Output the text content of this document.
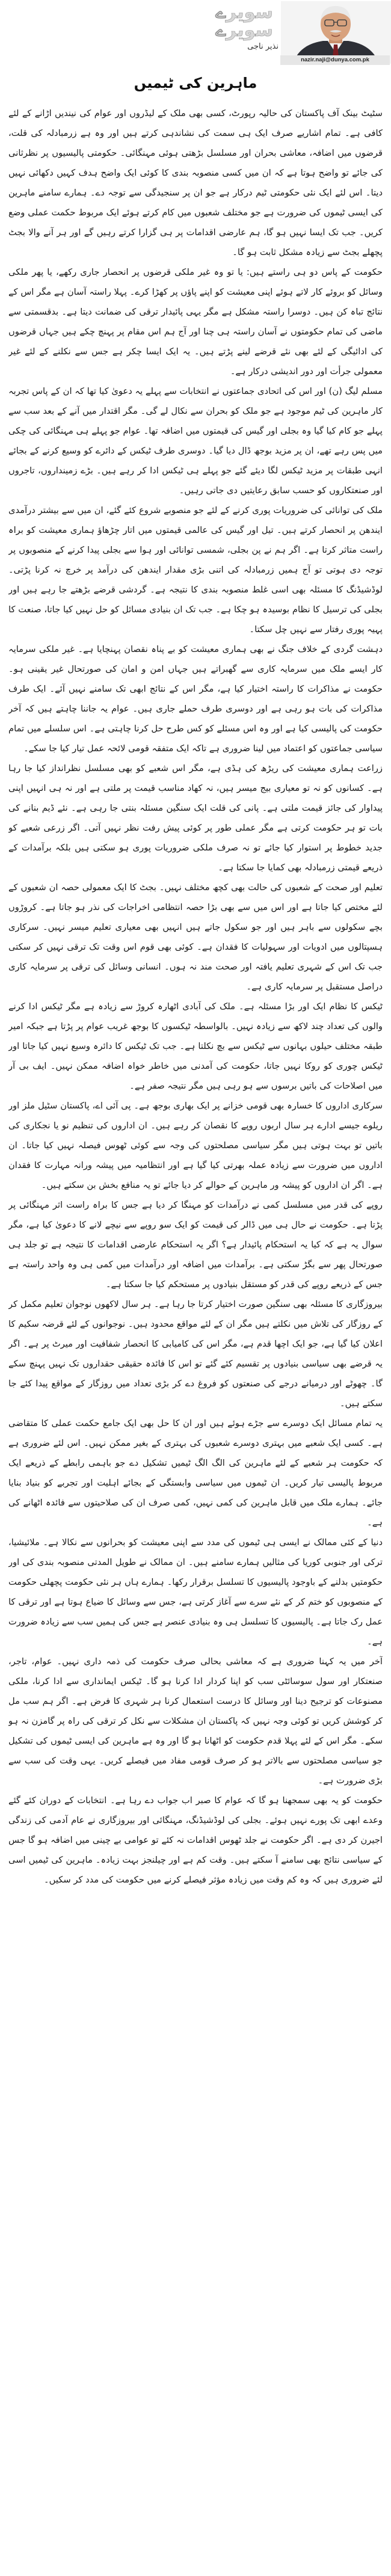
سویرے
سویرے
نذیر ناجی
nazir.naji@dunya.com.pk
ماہرین کی ٹیمیں

سٹیٹ بینک آف پاکستان کی حالیہ رپورٹ، کسی بھی ملک کے لیڈروں اور عوام کی نیندیں اڑانے کے لئے کافی ہے۔ تمام اشاریے صرف ایک ہی سمت کی نشاندہی کرتے ہیں اور وہ ہے زرمبادلہ کی قلت، قرضوں میں اضافہ، معاشی بحران اور مسلسل بڑھتی ہوئی مہنگائی۔ حکومتی پالیسیوں پر نظرثانی کی جائے تو واضح ہوتا ہے کہ ان میں کسی منصوبہ بندی کا کوئی ایک واضح ہدف کہیں دکھائی نہیں دیتا۔ اس لئے ایک نئی حکومتی ٹیم درکار ہے جو ان پر سنجیدگی سے توجہ دے۔ ہمارے سامنے ماہرین کی ایسی ٹیموں کی ضرورت ہے جو مختلف شعبوں میں کام کرتے ہوئے ایک مربوط حکمت عملی وضع کریں۔ جب تک ایسا نہیں ہو گا، ہم عارضی اقدامات پر ہی گزارا کرتے رہیں گے اور ہر آنے والا بجٹ پچھلے بجٹ سے زیادہ مشکل ثابت ہو گا۔

حکومت کے پاس دو ہی راستے ہیں: یا تو وہ غیر ملکی قرضوں پر انحصار جاری رکھے، یا پھر ملکی وسائل کو بروئے کار لاتے ہوئے اپنی معیشت کو اپنے پاؤں پر کھڑا کرے۔ پہلا راستہ آسان ہے مگر اس کے نتائج تباہ کن ہیں۔ دوسرا راستہ مشکل ہے مگر یہی پائیدار ترقی کی ضمانت دیتا ہے۔ بدقسمتی سے ماضی کی تمام حکومتوں نے آسان راستہ ہی چنا اور آج ہم اس مقام پر پہنچ چکے ہیں جہاں قرضوں کی ادائیگی کے لئے بھی نئے قرضے لینے پڑتے ہیں۔ یہ ایک ایسا چکر ہے جس سے نکلنے کے لئے غیر معمولی جرأت اور دور اندیشی درکار ہے۔

مسلم لیگ (ن) اور اس کی اتحادی جماعتوں نے انتخابات سے پہلے یہ دعویٰ کیا تھا کہ ان کے پاس تجربہ کار ماہرین کی ٹیم موجود ہے جو ملک کو بحران سے نکال لے گی۔ مگر اقتدار میں آنے کے بعد سب سے پہلے جو کام کیا گیا وہ بجلی اور گیس کی قیمتوں میں اضافہ تھا۔ عوام جو پہلے ہی مہنگائی کی چکی میں پس رہے تھے، ان پر مزید بوجھ ڈال دیا گیا۔ دوسری طرف ٹیکس کے دائرے کو وسیع کرنے کے بجائے انہی طبقات پر مزید ٹیکس لگا دیئے گئے جو پہلے ہی ٹیکس ادا کر رہے ہیں۔ بڑے زمینداروں، تاجروں اور صنعتکاروں کو حسب سابق رعایتیں دی جاتی رہیں۔

ملک کی توانائی کی ضروریات پوری کرنے کے لئے جو منصوبے شروع کئے گئے، ان میں سے بیشتر درآمدی ایندھن پر انحصار کرتے ہیں۔ تیل اور گیس کی عالمی قیمتوں میں اتار چڑھاؤ ہماری معیشت کو براہ راست متاثر کرتا ہے۔ اگر ہم نے پن بجلی، شمسی توانائی اور ہوا سے بجلی پیدا کرنے کے منصوبوں پر توجہ دی ہوتی تو آج ہمیں زرمبادلہ کی اتنی بڑی مقدار ایندھن کی درآمد پر خرچ نہ کرنا پڑتی۔ لوڈشیڈنگ کا مسئلہ بھی اسی غلط منصوبہ بندی کا نتیجہ ہے۔ گردشی قرضے بڑھتے جا رہے ہیں اور بجلی کی ترسیل کا نظام بوسیدہ ہو چکا ہے۔ جب تک ان بنیادی مسائل کو حل نہیں کیا جاتا، صنعت کا پہیہ پوری رفتار سے نہیں چل سکتا۔

دہشت گردی کے خلاف جنگ نے بھی ہماری معیشت کو بے پناہ نقصان پہنچایا ہے۔ غیر ملکی سرمایہ کار ایسے ملک میں سرمایہ کاری سے گھبراتے ہیں جہاں امن و امان کی صورتحال غیر یقینی ہو۔ حکومت نے مذاکرات کا راستہ اختیار کیا ہے، مگر اس کے نتائج ابھی تک سامنے نہیں آئے۔ ایک طرف مذاکرات کی بات ہو رہی ہے اور دوسری طرف حملے جاری ہیں۔ عوام یہ جاننا چاہتے ہیں کہ آخر حکومت کی پالیسی کیا ہے اور وہ اس مسئلے کو کس طرح حل کرنا چاہتی ہے۔ اس سلسلے میں تمام سیاسی جماعتوں کو اعتماد میں لینا ضروری ہے تاکہ ایک متفقہ قومی لائحہ عمل تیار کیا جا سکے۔

زراعت ہماری معیشت کی ریڑھ کی ہڈی ہے، مگر اس شعبے کو بھی مسلسل نظرانداز کیا جا رہا ہے۔ کسانوں کو نہ تو معیاری بیج میسر ہیں، نہ کھاد مناسب قیمت پر ملتی ہے اور نہ ہی انہیں اپنی پیداوار کی جائز قیمت ملتی ہے۔ پانی کی قلت ایک سنگین مسئلہ بنتی جا رہی ہے۔ نئے ڈیم بنانے کی بات تو ہر حکومت کرتی ہے مگر عملی طور پر کوئی پیش رفت نظر نہیں آتی۔ اگر زرعی شعبے کو جدید خطوط پر استوار کیا جائے تو نہ صرف ملکی ضروریات پوری ہو سکتی ہیں بلکہ برآمدات کے ذریعے قیمتی زرمبادلہ بھی کمایا جا سکتا ہے۔

تعلیم اور صحت کے شعبوں کی حالت بھی کچھ مختلف نہیں۔ بجٹ کا ایک معمولی حصہ ان شعبوں کے لئے مختص کیا جاتا ہے اور اس میں سے بھی بڑا حصہ انتظامی اخراجات کی نذر ہو جاتا ہے۔ کروڑوں بچے سکولوں سے باہر ہیں اور جو سکول جاتے ہیں انہیں بھی معیاری تعلیم میسر نہیں۔ سرکاری ہسپتالوں میں ادویات اور سہولیات کا فقدان ہے۔ کوئی بھی قوم اس وقت تک ترقی نہیں کر سکتی جب تک اس کے شہری تعلیم یافتہ اور صحت مند نہ ہوں۔ انسانی وسائل کی ترقی پر سرمایہ کاری دراصل مستقبل پر سرمایہ کاری ہے۔

ٹیکس کا نظام ایک اور بڑا مسئلہ ہے۔ ملک کی آبادی اٹھارہ کروڑ سے زیادہ ہے مگر ٹیکس ادا کرنے والوں کی تعداد چند لاکھ سے زیادہ نہیں۔ بالواسطہ ٹیکسوں کا بوجھ غریب عوام پر پڑتا ہے جبکہ امیر طبقہ مختلف حیلوں بہانوں سے ٹیکس سے بچ نکلتا ہے۔ جب تک ٹیکس کا دائرہ وسیع نہیں کیا جاتا اور ٹیکس چوری کو روکا نہیں جاتا، حکومت کی آمدنی میں خاطر خواہ اضافہ ممکن نہیں۔ ایف بی آر میں اصلاحات کی باتیں برسوں سے ہو رہی ہیں مگر نتیجہ صفر ہے۔

سرکاری اداروں کا خسارہ بھی قومی خزانے پر ایک بھاری بوجھ ہے۔ پی آئی اے، پاکستان سٹیل ملز اور ریلوے جیسے ادارے ہر سال اربوں روپے کا نقصان کر رہے ہیں۔ ان اداروں کی تنظیم نو یا نجکاری کی باتیں تو بہت ہوتی ہیں مگر سیاسی مصلحتوں کی وجہ سے کوئی ٹھوس فیصلہ نہیں کیا جاتا۔ ان اداروں میں ضرورت سے زیادہ عملہ بھرتی کیا گیا ہے اور انتظامیہ میں پیشہ ورانہ مہارت کا فقدان ہے۔ اگر ان اداروں کو پیشہ ور ماہرین کے حوالے کر دیا جائے تو یہ منافع بخش بن سکتے ہیں۔

روپے کی قدر میں مسلسل کمی نے درآمدات کو مہنگا کر دیا ہے جس کا براہ راست اثر مہنگائی پر پڑتا ہے۔ حکومت نے حال ہی میں ڈالر کی قیمت کو ایک سو روپے سے نیچے لانے کا دعویٰ کیا ہے، مگر سوال یہ ہے کہ کیا یہ استحکام پائیدار ہے؟ اگر یہ استحکام عارضی اقدامات کا نتیجہ ہے تو جلد ہی صورتحال پھر سے بگڑ سکتی ہے۔ برآمدات میں اضافہ اور درآمدات میں کمی ہی وہ واحد راستہ ہے جس کے ذریعے روپے کی قدر کو مستقل بنیادوں پر مستحکم کیا جا سکتا ہے۔

بیروزگاری کا مسئلہ بھی سنگین صورت اختیار کرتا جا رہا ہے۔ ہر سال لاکھوں نوجوان تعلیم مکمل کر کے روزگار کی تلاش میں نکلتے ہیں مگر ان کے لئے مواقع محدود ہیں۔ نوجوانوں کے لئے قرضہ سکیم کا اعلان کیا گیا ہے، جو ایک اچھا قدم ہے، مگر اس کی کامیابی کا انحصار شفافیت اور میرٹ پر ہے۔ اگر یہ قرضے بھی سیاسی بنیادوں پر تقسیم کئے گئے تو اس کا فائدہ حقیقی حقداروں تک نہیں پہنچ سکے گا۔ چھوٹے اور درمیانے درجے کی صنعتوں کو فروغ دے کر بڑی تعداد میں روزگار کے مواقع پیدا کئے جا سکتے ہیں۔

یہ تمام مسائل ایک دوسرے سے جڑے ہوئے ہیں اور ان کا حل بھی ایک جامع حکمت عملی کا متقاضی ہے۔ کسی ایک شعبے میں بہتری دوسرے شعبوں کی بہتری کے بغیر ممکن نہیں۔ اس لئے ضروری ہے کہ حکومت ہر شعبے کے لئے ماہرین کی الگ الگ ٹیمیں تشکیل دے جو باہمی رابطے کے ذریعے ایک مربوط پالیسی تیار کریں۔ ان ٹیموں میں سیاسی وابستگی کے بجائے اہلیت اور تجربے کو بنیاد بنایا جائے۔ ہمارے ملک میں قابل ماہرین کی کمی نہیں، کمی صرف ان کی صلاحیتوں سے فائدہ اٹھانے کی ہے۔

دنیا کے کئی ممالک نے ایسی ہی ٹیموں کی مدد سے اپنی معیشت کو بحرانوں سے نکالا ہے۔ ملائیشیا، ترکی اور جنوبی کوریا کی مثالیں ہمارے سامنے ہیں۔ ان ممالک نے طویل المدتی منصوبہ بندی کی اور حکومتیں بدلنے کے باوجود پالیسیوں کا تسلسل برقرار رکھا۔ ہمارے ہاں ہر نئی حکومت پچھلی حکومت کے منصوبوں کو ختم کر کے نئے سرے سے آغاز کرتی ہے، جس سے وسائل کا ضیاع ہوتا ہے اور ترقی کا عمل رک جاتا ہے۔ پالیسیوں کا تسلسل ہی وہ بنیادی عنصر ہے جس کی ہمیں سب سے زیادہ ضرورت ہے۔

آخر میں یہ کہنا ضروری ہے کہ معاشی بحالی صرف حکومت کی ذمہ داری نہیں۔ عوام، تاجر، صنعتکار اور سول سوسائٹی سب کو اپنا کردار ادا کرنا ہو گا۔ ٹیکس ایمانداری سے ادا کرنا، ملکی مصنوعات کو ترجیح دینا اور وسائل کا درست استعمال کرنا ہر شہری کا فرض ہے۔ اگر ہم سب مل کر کوشش کریں تو کوئی وجہ نہیں کہ پاکستان ان مشکلات سے نکل کر ترقی کی راہ پر گامزن نہ ہو سکے۔ مگر اس کے لئے پہلا قدم حکومت کو اٹھانا ہو گا اور وہ ہے ماہرین کی ایسی ٹیموں کی تشکیل جو سیاسی مصلحتوں سے بالاتر ہو کر صرف قومی مفاد میں فیصلے کریں۔ یہی وقت کی سب سے بڑی ضرورت ہے۔

حکومت کو یہ بھی سمجھنا ہو گا کہ عوام کا صبر اب جواب دے رہا ہے۔ انتخابات کے دوران کئے گئے وعدے ابھی تک پورے نہیں ہوئے۔ بجلی کی لوڈشیڈنگ، مہنگائی اور بیروزگاری نے عام آدمی کی زندگی اجیرن کر دی ہے۔ اگر حکومت نے جلد ٹھوس اقدامات نہ کئے تو عوامی بے چینی میں اضافہ ہو گا جس کے سیاسی نتائج بھی سامنے آ سکتے ہیں۔ وقت کم ہے اور چیلنجز بہت زیادہ۔ ماہرین کی ٹیمیں اسی لئے ضروری ہیں کہ وہ کم وقت میں زیادہ مؤثر فیصلے کرنے میں حکومت کی مدد کر سکیں۔
